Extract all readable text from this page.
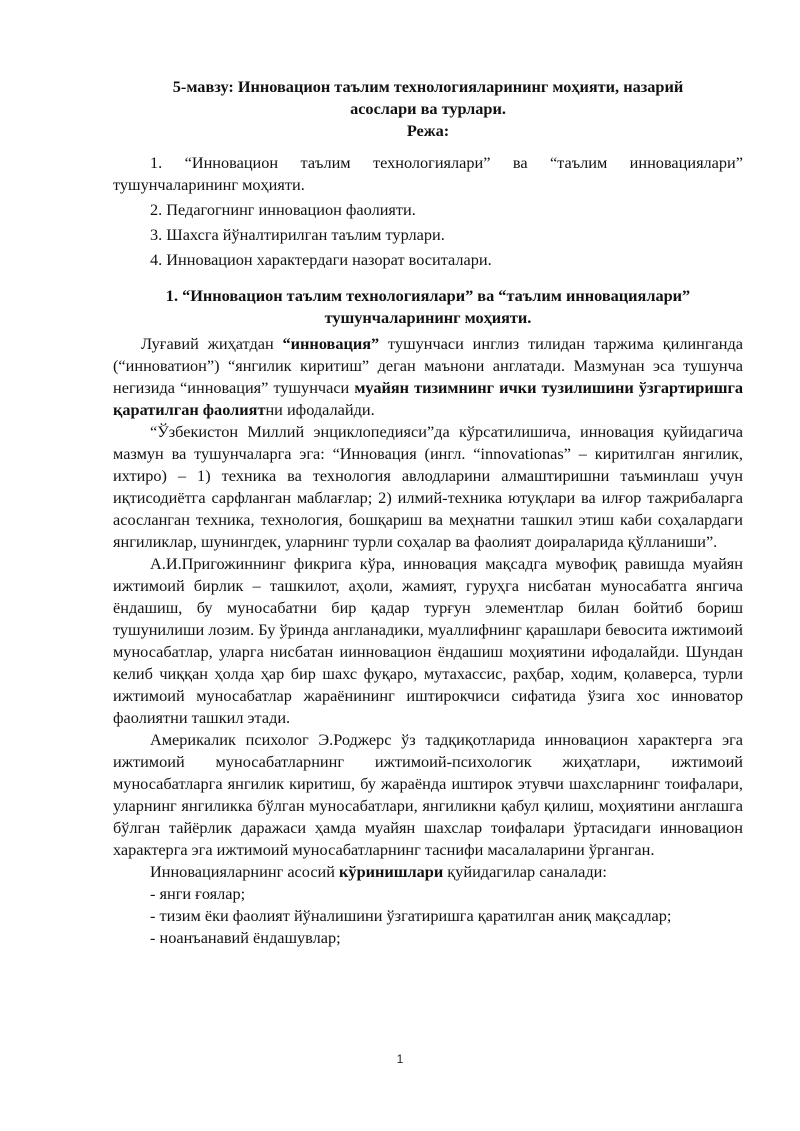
5-мавзу: Инновацион таълим технологияларининг моҳияти, назарий

асослари ва турлари.

Режа:

1. “Инновацион таълим технологиялари” ва “таълим инновациялари” тушунчаларининг моҳияти.

2. Педагогнинг инновацион фаолияти.

3. Шахсга йўналтирилган таълим турлари.

4. Инновацион характердаги назорат воситалари.

1. “Инновацион таълим технологиялари” ва “таълим инновациялари”

тушунчаларининг моҳияти.

Луғавий жиҳатдан “инновация” тушунчаси инглиз тилидан таржима қилинганда (“инноватион”) “янгилик киритиш” деган маънони англатади. Мазмунан эса тушунча негизида “инновация” тушунчаси муайян тизимнинг ички тузилишини ўзгартиришга қаратилган фаолиятни ифодалайди.

“Ўзбекистон Миллий энциклопедияси”да кўрсатилишича, инновация қуйидагича мазмун ва тушунчаларга эга: “Инновация (ингл. “innovationas” – киритилган янгилик, ихтиро) – 1) техника ва технология авлодларини алмаштиришни таъминлаш учун иқтисодиётга сарфланган маблағлар; 2) илмий-техника ютуқлари ва илғор тажрибаларга асосланган техника, технология, бошқариш ва меҳнатни ташкил этиш каби соҳалардаги янгиликлар, шунингдек, уларнинг турли соҳалар ва фаолият доираларида қўлланиши”.

А.И.Пригожиннинг фикрига кўра, инновация мақсадга мувофиқ равишда муайян ижтимоий бирлик – ташкилот, аҳоли, жамият, гуруҳга нисбатан муносабатга янгича ёндашиш, бу муносабатни бир қадар турғун элементлар билан бойтиб бориш тушунилиши лозим. Бу ўринда англанадики, муаллифнинг қарашлари бевосита ижтимоий муносабатлар, уларга нисбатан иинновацион ёндашиш моҳиятини ифодалайди. Шундан келиб чиққан ҳолда ҳар бир шахс фуқаро, мутахассис, раҳбар, ходим, қолаверса, турли ижтимоий муносабатлар жараёнининг иштирокчиси сифатида ўзига хос инноватор фаолиятни ташкил этади.

Америкалик психолог Э.Роджерс ўз тадқиқотларида инновацион характерга эга ижтимоий муносабатларнинг ижтимоий-психологик жиҳатлари, ижтимоий муносабатларга янгилик киритиш, бу жараёнда иштирок этувчи шахсларнинг тоифалари, уларнинг янгиликка бўлган муносабатлари, янгиликни қабул қилиш, моҳиятини англашга бўлган тайёрлик даражаси ҳамда муайян шахслар тоифалари ўртасидаги инновацион характерга эга ижтимоий муносабатларнинг таснифи масалаларини ўрганган.

Инновацияларнинг асосий кўринишлари қуйидагилар саналади:

- янги ғоялар;

- тизим ёки фаолият йўналишини ўзгатиришга қаратилган аниқ мақсадлар;

- ноанъанавий ёндашувлар;

1
